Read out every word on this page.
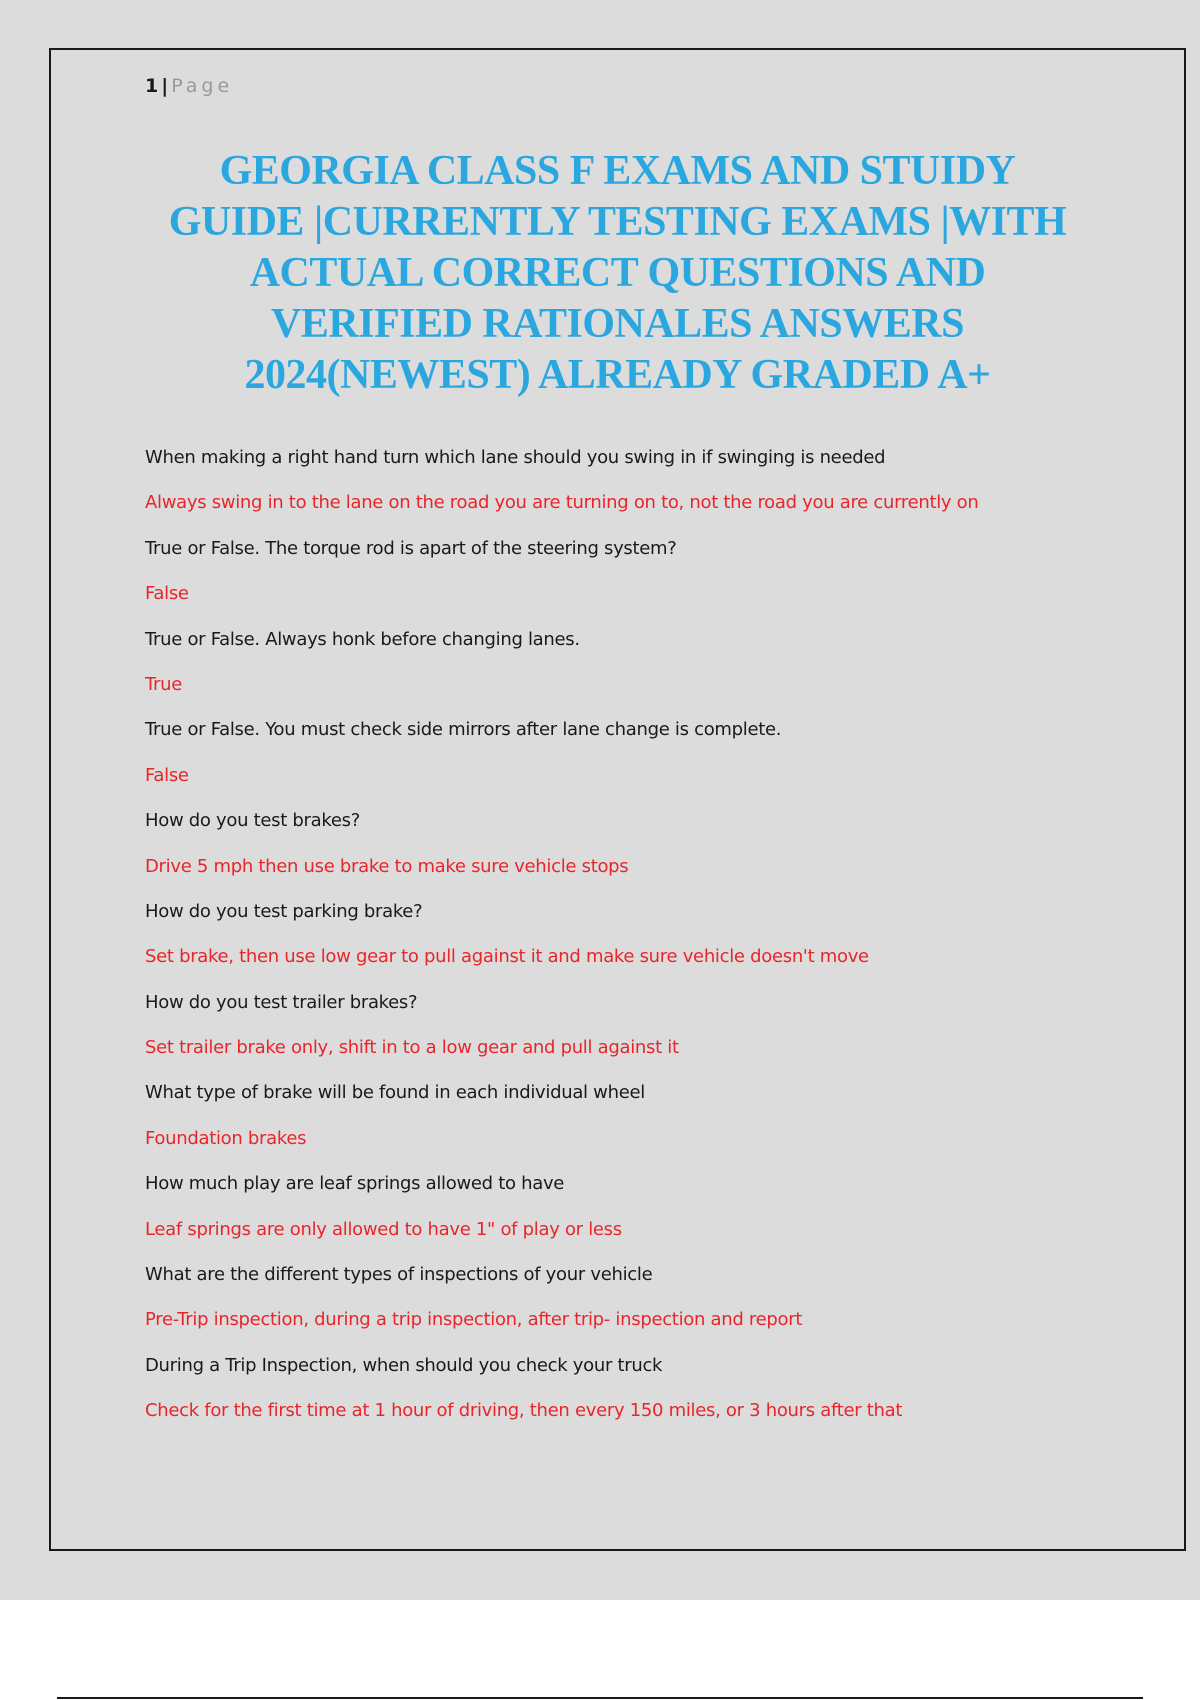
1 | Page
GEORGIA CLASS F EXAMS AND STUIDY
GUIDE |CURRENTLY TESTING EXAMS |WITH
ACTUAL CORRECT QUESTIONS AND
VERIFIED RATIONALES ANSWERS
2024(NEWEST) ALREADY GRADED A+
When making a right hand turn which lane should you swing in if swinging is needed
Always swing in to the lane on the road you are turning on to, not the road you are currently on
True or False. The torque rod is apart of the steering system?
False
True or False. Always honk before changing lanes.
True
True or False. You must check side mirrors after lane change is complete.
False
How do you test brakes?
Drive 5 mph then use brake to make sure vehicle stops
How do you test parking brake?
Set brake, then use low gear to pull against it and make sure vehicle doesn't move
How do you test trailer brakes?
Set trailer brake only, shift in to a low gear and pull against it
What type of brake will be found in each individual wheel
Foundation brakes
How much play are leaf springs allowed to have
Leaf springs are only allowed to have 1" of play or less
What are the different types of inspections of your vehicle
Pre-Trip inspection, during a trip inspection, after trip- inspection and report
During a Trip Inspection, when should you check your truck
Check for the first time at 1 hour of driving, then every 150 miles, or 3 hours after that
